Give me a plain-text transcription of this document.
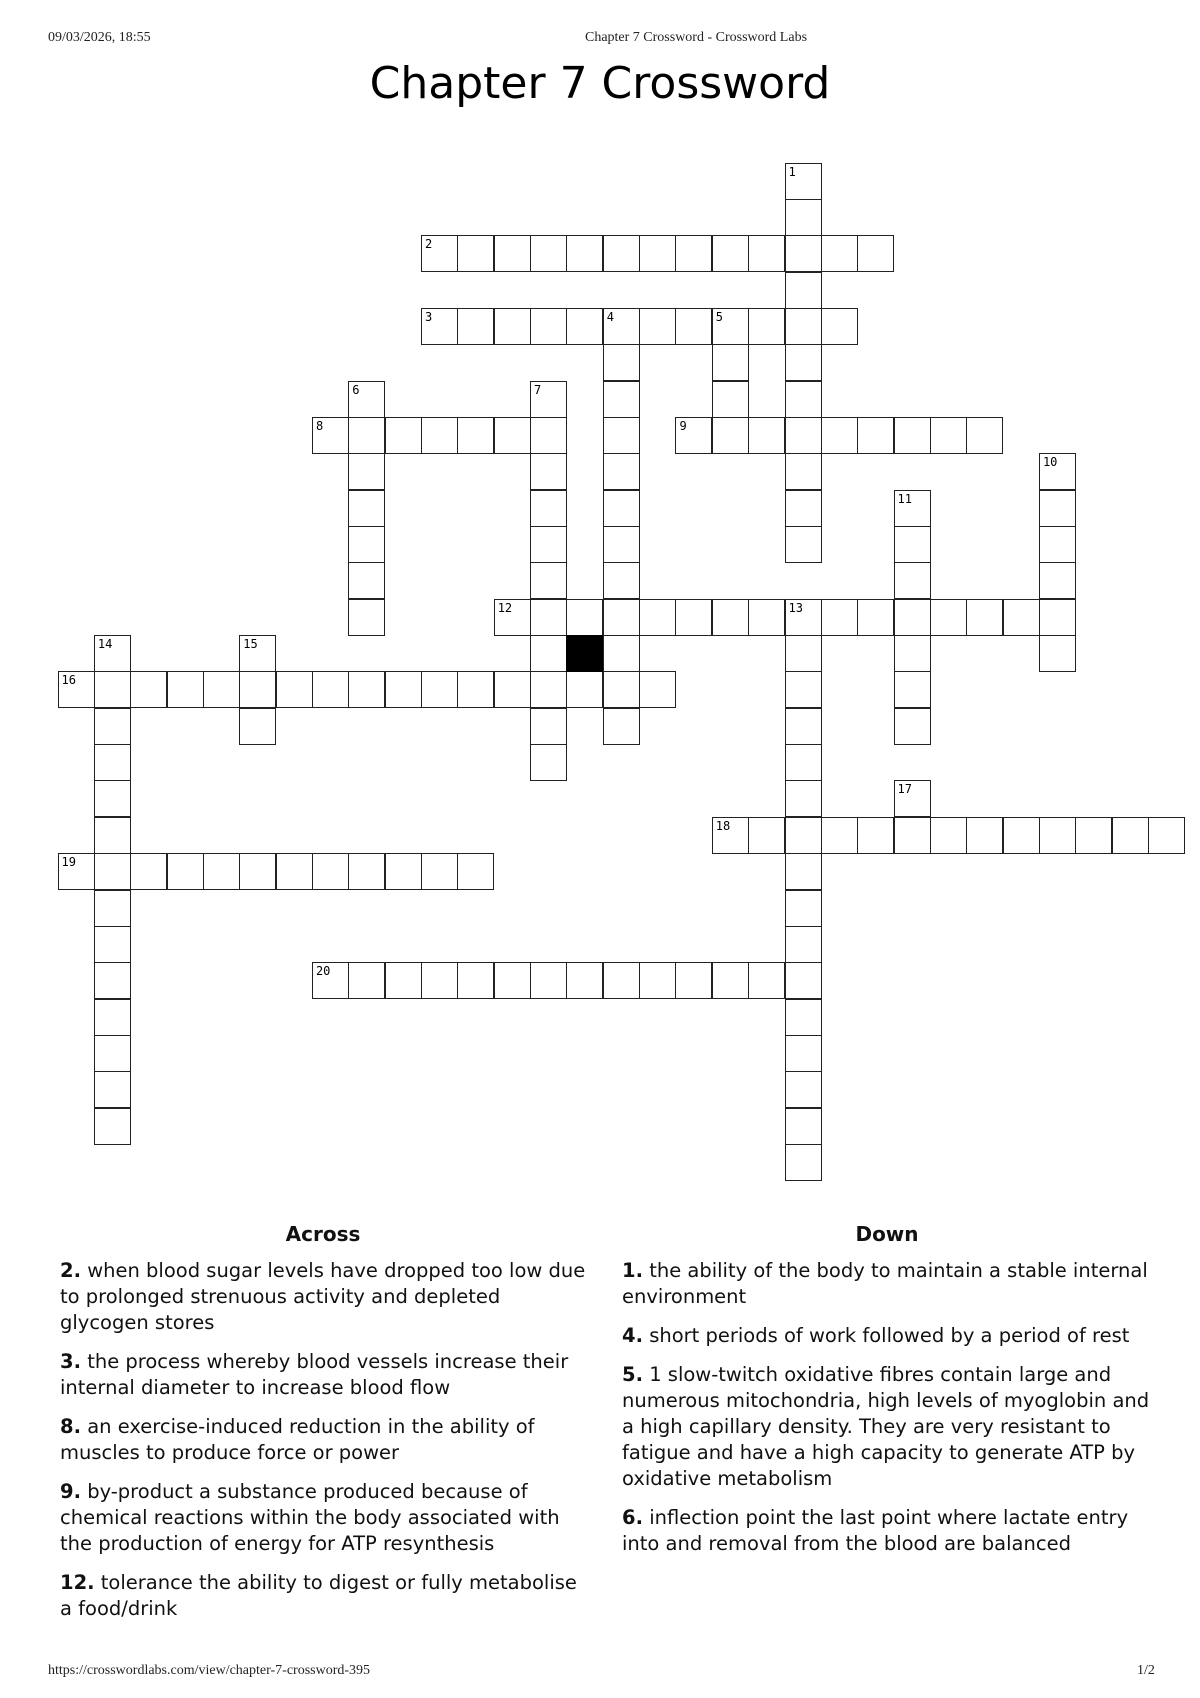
09/03/2026, 18:55	Chapter 7 Crossword - Crossword Labs
Chapter 7 Crossword
1
2
3	4	5
6	7
8	9
10
11
12	13
14	15
16
17
18
19
20
Across	Down
2. when blood sugar levels have dropped too low due to prolonged strenuous activity and depleted glycogen stores
3. the process whereby blood vessels increase their internal diameter to increase blood flow
8. an exercise-induced reduction in the ability of muscles to produce force or power
9. by-product a substance produced because of chemical reactions within the body associated with the production of energy for ATP resynthesis
12. tolerance the ability to digest or fully metabolise a food/drink
1. the ability of the body to maintain a stable internal environment
4. short periods of work followed by a period of rest
5. 1 slow-twitch oxidative fibres contain large and numerous mitochondria, high levels of myoglobin and a high capillary density. They are very resistant to fatigue and have a high capacity to generate ATP by oxidative metabolism
6. inflection point the last point where lactate entry into and removal from the blood are balanced
https://crosswordlabs.com/view/chapter-7-crossword-395	1/2
